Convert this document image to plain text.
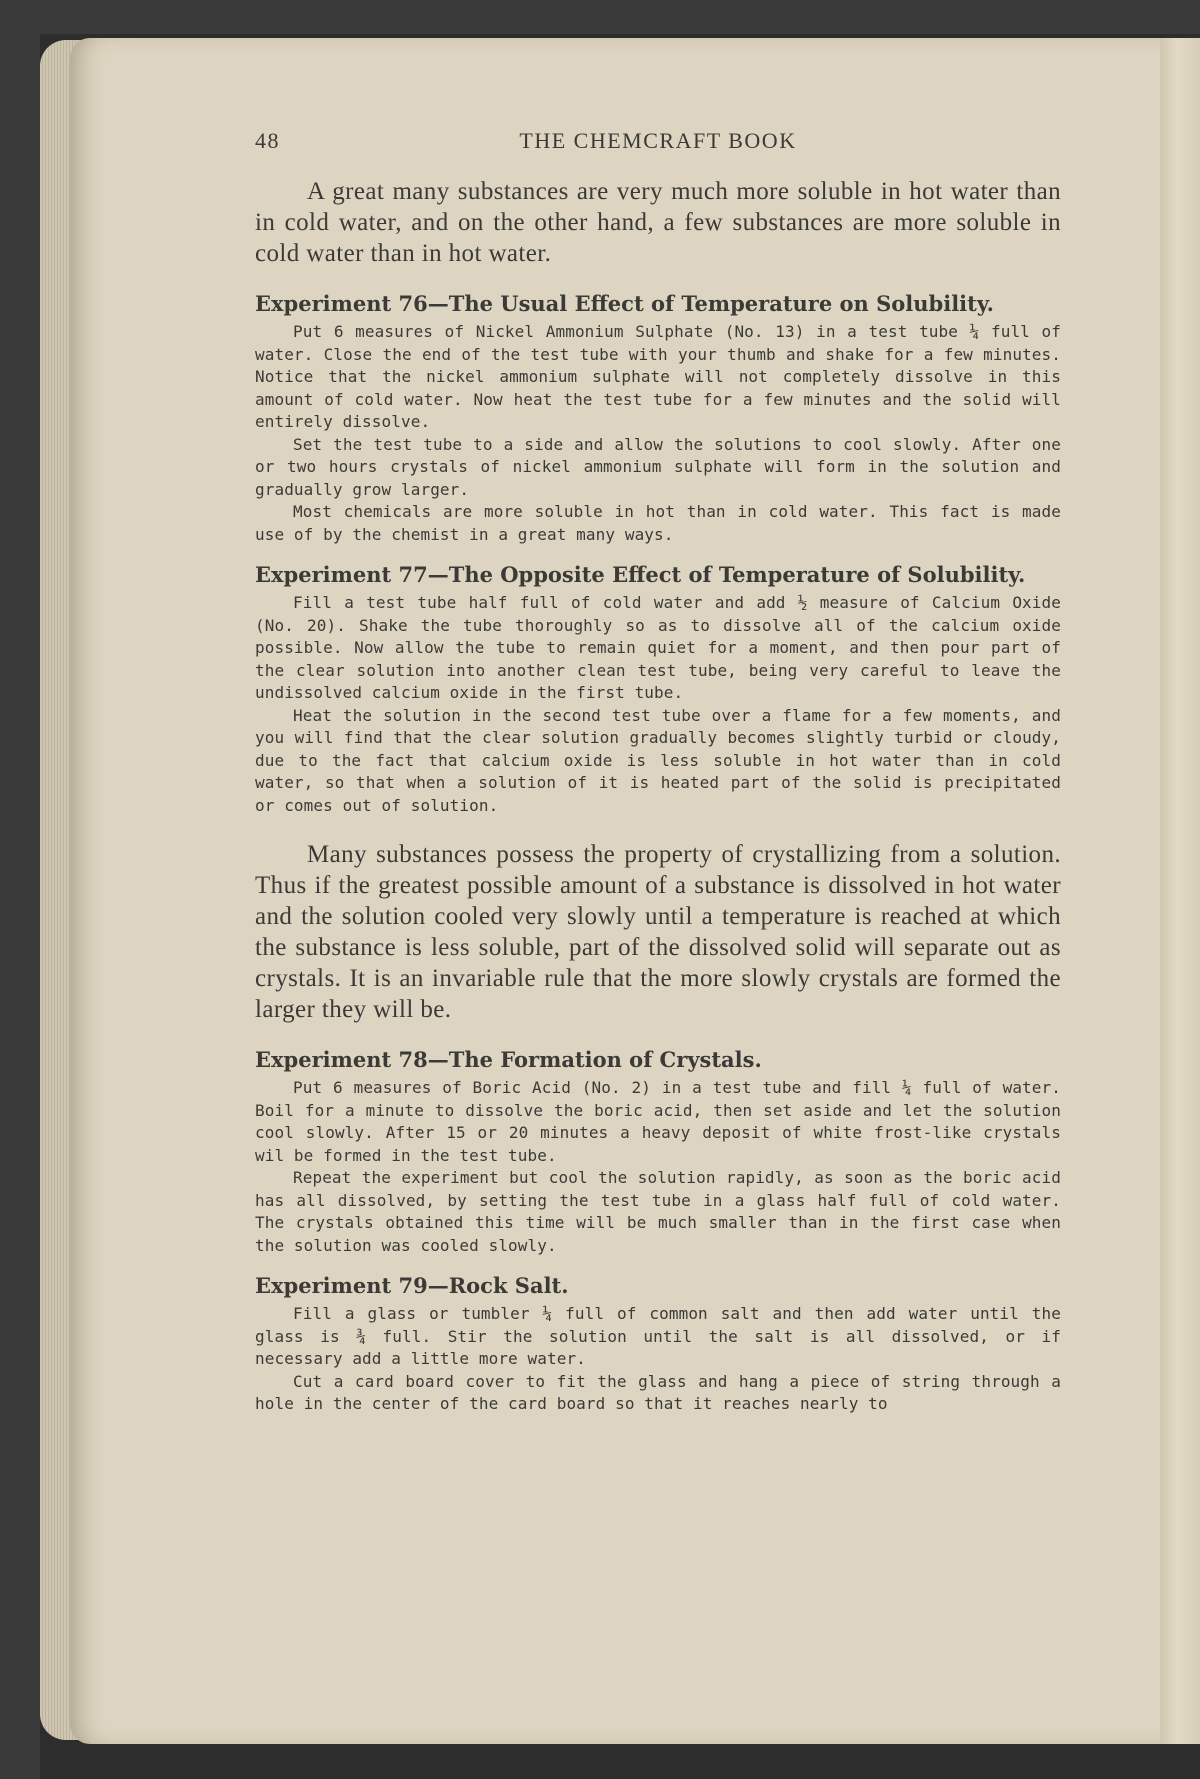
48	THE CHEMCRAFT BOOK

A great many substances are very much more soluble in hot water than in cold water, and on the other hand, a few substances are more soluble in cold water than in hot water.

Experiment 76—The Usual Effect of Temperature on Solubility.

Put 6 measures of Nickel Ammonium Sulphate (No. 13) in a test tube ¼ full of water. Close the end of the test tube with your thumb and shake for a few minutes. Notice that the nickel ammonium sulphate will not completely dissolve in this amount of cold water. Now heat the test tube for a few minutes and the solid will entirely dissolve.

Set the test tube to a side and allow the solutions to cool slowly. After one or two hours crystals of nickel ammonium sulphate will form in the solution and gradually grow larger.

Most chemicals are more soluble in hot than in cold water. This fact is made use of by the chemist in a great many ways.

Experiment 77—The Opposite Effect of Temperature of Solubility.

Fill a test tube half full of cold water and add ½ measure of Calcium Oxide (No. 20). Shake the tube thoroughly so as to dissolve all of the calcium oxide possible. Now allow the tube to remain quiet for a moment, and then pour part of the clear solution into another clean test tube, being very careful to leave the undissolved calcium oxide in the first tube.

Heat the solution in the second test tube over a flame for a few moments, and you will find that the clear solution gradually becomes slightly turbid or cloudy, due to the fact that calcium oxide is less soluble in hot water than in cold water, so that when a solution of it is heated part of the solid is precipitated or comes out of solution.

Many substances possess the property of crystallizing from a solution. Thus if the greatest possible amount of a substance is dissolved in hot water and the solution cooled very slowly until a temperature is reached at which the substance is less soluble, part of the dissolved solid will separate out as crystals. It is an invariable rule that the more slowly crystals are formed the larger they will be.

Experiment 78—The Formation of Crystals.

Put 6 measures of Boric Acid (No. 2) in a test tube and fill ¼ full of water. Boil for a minute to dissolve the boric acid, then set aside and let the solution cool slowly. After 15 or 20 minutes a heavy deposit of white frost-like crystals wil be formed in the test tube.

Repeat the experiment but cool the solution rapidly, as soon as the boric acid has all dissolved, by setting the test tube in a glass half full of cold water. The crystals obtained this time will be much smaller than in the first case when the solution was cooled slowly.

Experiment 79—Rock Salt.

Fill a glass or tumbler ¼ full of common salt and then add water until the glass is ¾ full. Stir the solution until the salt is all dissolved, or if necessary add a little more water.

Cut a card board cover to fit the glass and hang a piece of string through a hole in the center of the card board so that it reaches nearly to
